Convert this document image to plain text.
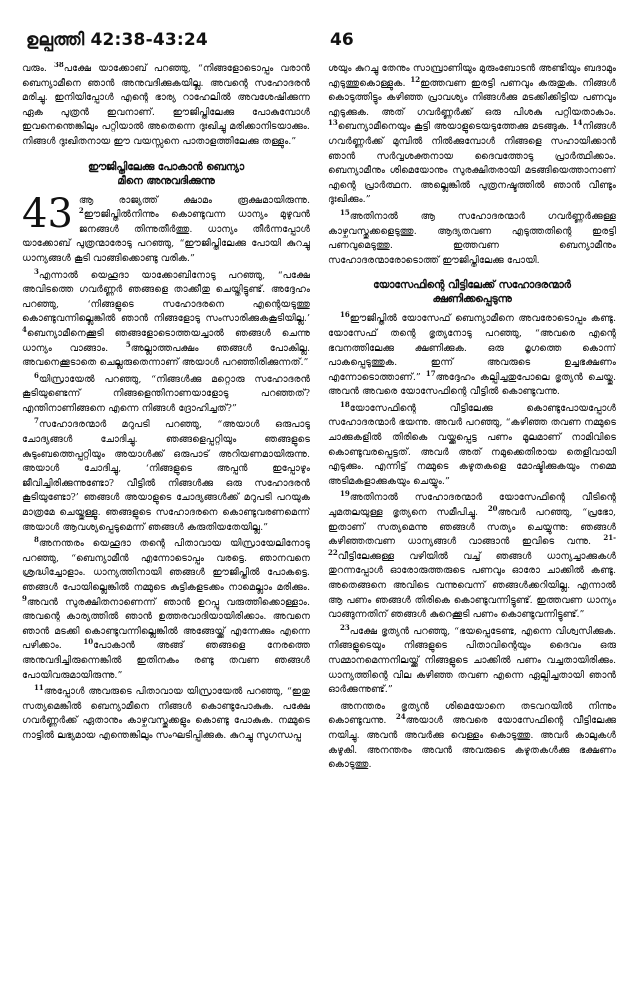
ഉല്പത്തി 42:38-43:24	46

വരും. $^{38}$പക്ഷേ യാക്കോബ് പറഞ്ഞു, “നിങ്ങളോടൊപ്പം വരാൻ ബെന്യാമീനെ ഞാൻ അനുവദിക്കുകയില്ല. അവന്റെ സഹോദരൻ മരിച്ചു. ഇനിയിപ്പോൾ എന്റെ ഭാര്യ റാഹേലിൽ അവശേഷിക്കുന്ന ഏക പുത്രൻ ഇവനാണ്. ഈജിപ്തിലേക്കു പോകുമ്പോൾ ഇവനെന്തെങ്കിലും പറ്റിയാൽ അതെന്നെ ദുഃഖിച്ചു മരിക്കാനിടയാക്കും. നിങ്ങൾ ദുഃഖിതനായ ഈ വയസ്സനെ പാതാളത്തിലേക്കു തള്ളും.”

ഈജിപ്തിലേക്കു പോകാൻ ബെന്യാ
മീനെ അനുവദിക്കുന്നു
43 ആ രാജ്യത്ത് ക്ഷാമം രൂക്ഷമായിരുന്നു. $^2$ഈജിപ്തിൽനിന്നും കൊണ്ടുവന്ന ധാന്യം മുഴുവൻ ജനങ്ങൾ തിന്നുതീർത്തു. ധാന്യം തീർന്നപ്പോൾ യാക്കോബ് പുത്രന്മാരോടു പറഞ്ഞു, “ഈജിപ്തിലേക്കു പോയി കുറച്ചു ധാന്യങ്ങൾ കൂടി വാങ്ങിക്കൊണ്ടു വരിക.”

$^3$എന്നാൽ യെഹൂദാ യാക്കോബിനോടു പറഞ്ഞു, “പക്ഷേ അവിടത്തെ ഗവർണ്ണർ ഞങ്ങളെ താക്കീതു ചെയ്തിട്ടുണ്ട്. അദ്ദേഹം പറഞ്ഞു, ‘നിങ്ങളുടെ സഹോദരനെ എന്റെയടുത്തു കൊണ്ടുവന്നില്ലെങ്കിൽ ഞാൻ നിങ്ങളോടു സംസാരിക്കുകകൂടിയില്ല.’ $^4$ബെന്യാമീനെക്കൂടി ഞങ്ങളോടൊത്തയച്ചാൽ ഞങ്ങൾ ചെന്നു ധാന്യം വാങ്ങാം. $^5$അല്ലാത്തപക്ഷം ഞങ്ങൾ പോകില്ല. അവനെക്കൂടാതെ ചെല്ലരുതെന്നാണ് അയാൾ പറഞ്ഞിരിക്കുന്നത്.”

$^6$യിസ്രായേൽ പറഞ്ഞു, “നിങ്ങൾക്കു മറ്റൊരു സഹോദരൻ കൂടിയുണ്ടെന്ന് നിങ്ങളെന്തിനാണയാളോടു പറഞ്ഞത്? എന്തിനാണിങ്ങനെ എന്നെ നിങ്ങൾ ദ്രോഹിച്ചത്?”

$^7$സഹോദരന്മാർ മറുപടി പറഞ്ഞു, “അയാൾ ഒരുപാടു ചോദ്യങ്ങൾ ചോദിച്ചു. ഞങ്ങളെപ്പറ്റിയും ഞങ്ങളുടെ കുടുംബത്തെപ്പറ്റിയും അയാൾക്ക് ഒരുപാട് അറിയണമായിരുന്നു. അയാൾ ചോദിച്ചു, ‘നിങ്ങളുടെ അപ്പൻ ഇപ്പോഴും ജീവിച്ചിരിക്കുന്നുണ്ടോ? വീട്ടിൽ നിങ്ങൾക്കു ഒരു സഹോദരൻ കൂടിയുണ്ടോ?’ ഞങ്ങൾ അയാളുടെ ചോദ്യങ്ങൾക്ക് മറുപടി പറയുക മാത്രമേ ചെയ്തുള്ളൂ. ഞങ്ങളുടെ സഹോദരനെ കൊണ്ടുവരണമെന്ന് അയാൾ ആവശ്യപ്പെടുമെന്ന് ഞങ്ങൾ കരുതിയതേയില്ല.”

$^8$അനന്തരം യെഹൂദാ തന്റെ പിതാവായ യിസ്രായേലിനോടു പറഞ്ഞു, “ബെന്യാമീൻ എന്നോടൊപ്പം വരട്ടെ. ഞാനവനെ ശ്രദ്ധിച്ചോളാം. ധാന്യത്തിനായി ഞങ്ങൾ ഈജിപ്തിൽ പോകട്ടെ. ഞങ്ങൾ പോയില്ലെങ്കിൽ നമ്മുടെ കുട്ടികളടക്കം നാമെല്ലാം മരിക്കും. $^9$അവൻ സുരക്ഷിതനാണെന്ന് ഞാൻ ഉറപ്പു വരുത്തിക്കൊള്ളാം. അവന്റെ കാര്യത്തിൽ ഞാൻ ഉത്തരവാദിയായിരിക്കാം. അവനെ ഞാൻ മടക്കി കൊണ്ടുവന്നില്ലെങ്കിൽ അങ്ങേയ്ക്ക് എന്നേക്കും എന്നെ പഴിക്കാം. $^{10}$പോകാൻ അങ്ങ് ഞങ്ങളെ നേരത്തെ അനുവദിച്ചിരുന്നെങ്കിൽ ഇതിനകം രണ്ടു തവണ ഞങ്ങൾ പോയിവരുമായിരുന്നു.”

$^{11}$അപ്പോൾ അവരുടെ പിതാവായ യിസ്രായേൽ പറഞ്ഞു, “ഇതു സത്യമെങ്കിൽ ബെന്യാമീനെ നിങ്ങൾ കൊണ്ടുപോകുക. പക്ഷേ ഗവർണ്ണർക്ക് ഏതാനും കാഴ്ചവസ്തുക്കളും കൊണ്ടു പോകുക. നമ്മുടെ നാട്ടിൽ ലഭ്യമായ എന്തെങ്കിലും സംഘടിപ്പിക്കുക. കുറച്ചു സുഗന്ധപ്പ

ശയും കുറച്ചു തേനും സാമ്പ്രാണിയും മുരുംബോടൻ അണ്ടിയും ബദാമും എടുത്തുകൊള്ളുക. $^{12}$ഇത്തവണ ഇരട്ടി പണവും കരുതുക. നിങ്ങൾ കൊടുത്തിട്ടും കഴിഞ്ഞ പ്രാവശ്യം നിങ്ങൾക്കു മടക്കിക്കിട്ടിയ പണവും എടുക്കുക. അത് ഗവർണ്ണർക്ക് ഒരു പിശകു പറ്റിയതാകാം. $^{13}$ബെന്യാമീനെയും കൂട്ടി അയാളുടെയടുത്തേക്കു മടങ്ങുക. $^{14}$നിങ്ങൾ ഗവർണ്ണർക്ക് മുമ്പിൽ നിൽക്കുമ്പോൾ നിങ്ങളെ സഹായിക്കാൻ ഞാൻ സർവ്വശക്തനായ ദൈവത്തോടു പ്രാർത്ഥിക്കാം. ബെന്യാമീനും ശിമെയോനും സുരക്ഷിതരായി മടങ്ങിയെത്താനാണ് എന്റെ പ്രാർത്ഥന. അല്ലെങ്കിൽ പുത്രനഷ്ടത്തിൽ ഞാൻ വീണ്ടും ദുഃഖിക്കും.”

$^{15}$അതിനാൽ ആ സഹോദരന്മാർ ഗവർണ്ണർക്കുള്ള കാഴ്ചവസ്തുക്കളെടുത്തു. ആദ്യതവണ എടുത്തതിന്റെ ഇരട്ടി പണവുമെടുത്തു. ഇത്തവണ ബെന്യാമീനും സഹോദരന്മാരോടൊത്ത് ഈജിപ്തിലേക്കു പോയി.

യോസേഫിന്റെ വീട്ടിലേക്ക് സഹോദരന്മാർ
ക്ഷണിക്കപ്പെടുന്നു

$^{16}$ഈജിപ്തിൽ യോസേഫ് ബെന്യാമീനെ അവരോടൊപ്പം കണ്ടു. യോസേഫ് തന്റെ ഭൃത്യനോടു പറഞ്ഞു, “അവരെ എന്റെ ഭവനത്തിലേക്കു ക്ഷണിക്കുക. ഒരു മൃഗത്തെ കൊന്ന് പാകപ്പെടുത്തുക. ഇന്ന് അവരുടെ ഉച്ചഭക്ഷണം എന്നോടൊത്താണ്.” $^{17}$അദ്ദേഹം കല്പിച്ചതുപോലെ ഭൃത്യൻ ചെയ്തു. അവൻ അവരെ യോസേഫിന്റെ വീട്ടിൽ കൊണ്ടുവന്നു.

$^{18}$യോസേഫിന്റെ വീട്ടിലേക്കു കൊണ്ടുപോയപ്പോൾ സഹോദരന്മാർ ഭയന്നു. അവർ പറഞ്ഞു, “കഴിഞ്ഞ തവണ നമ്മുടെ ചാക്കുകളിൽ തിരികെ വയ്ക്കപ്പെട്ട പണം മൂലമാണ് നാമിവിടെ കൊണ്ടുവരപ്പെട്ടത്. അവർ അത് നമുക്കെതിരായ തെളിവായി എടുക്കും. എന്നിട്ട് നമ്മുടെ കഴുതകളെ മോഷ്ടിക്കുകയും നമ്മെ അടിമകളാക്കുകയും ചെയ്യും.”

$^{19}$അതിനാൽ സഹോദരന്മാർ യോസേഫിന്റെ വീടിന്റെ ചുമതലയുള്ള ഭൃത്യനെ സമീപിച്ചു. $^{20}$അവർ പറഞ്ഞു, “പ്രഭോ, ഇതാണ് സത്യമെന്നു ഞങ്ങൾ സത്യം ചെയ്യുന്നു: ഞങ്ങൾ കഴിഞ്ഞതവണ ധാന്യങ്ങൾ വാങ്ങാൻ ഇവിടെ വന്നു. $^{21-22}$വീട്ടിലേക്കുള്ള വഴിയിൽ വച്ച് ഞങ്ങൾ ധാന്യച്ചാക്കുകൾ തുറന്നപ്പോൾ ഓരോരുത്തരുടെ പണവും ഓരോ ചാക്കിൽ കണ്ടു. അതെങ്ങനെ അവിടെ വന്നുവെന്ന് ഞങ്ങൾക്കറിയില്ല. എന്നാൽ ആ പണം ഞങ്ങൾ തിരികെ കൊണ്ടുവന്നിട്ടുണ്ട്. ഇത്തവണ ധാന്യം വാങ്ങുന്നതിന് ഞങ്ങൾ കുറെക്കൂടി പണം കൊണ്ടുവന്നിട്ടുണ്ട്.”

$^{23}$പക്ഷേ ഭൃത്യൻ പറഞ്ഞു, “ഭയപ്പെടേണ്ട, എന്നെ വിശ്വസിക്കുക. നിങ്ങളുടെയും നിങ്ങളുടെ പിതാവിന്റെയും ദൈവം ഒരു സമ്മാനമെന്നനിലയ്ക്ക് നിങ്ങളുടെ ചാക്കിൽ പണം വച്ചതായിരിക്കും. ധാന്യത്തിന്റെ വില കഴിഞ്ഞ തവണ എന്നെ ഏല്പിച്ചതായി ഞാൻ ഓർക്കുന്നുണ്ട്.”

അനന്തരം ഭൃത്യൻ ശിമെയോനെ തടവറയിൽ നിന്നും കൊണ്ടുവന്നു. $^{24}$അയാൾ അവരെ യോസേഫിന്റെ വീട്ടിലേക്കു നയിച്ചു. അവൻ അവർക്കു വെള്ളം കൊടുത്തു. അവർ കാലുകൾ കഴുകി. അനന്തരം അവൻ അവരുടെ കഴുതകൾക്കു ഭക്ഷണം കൊടുത്തു.
